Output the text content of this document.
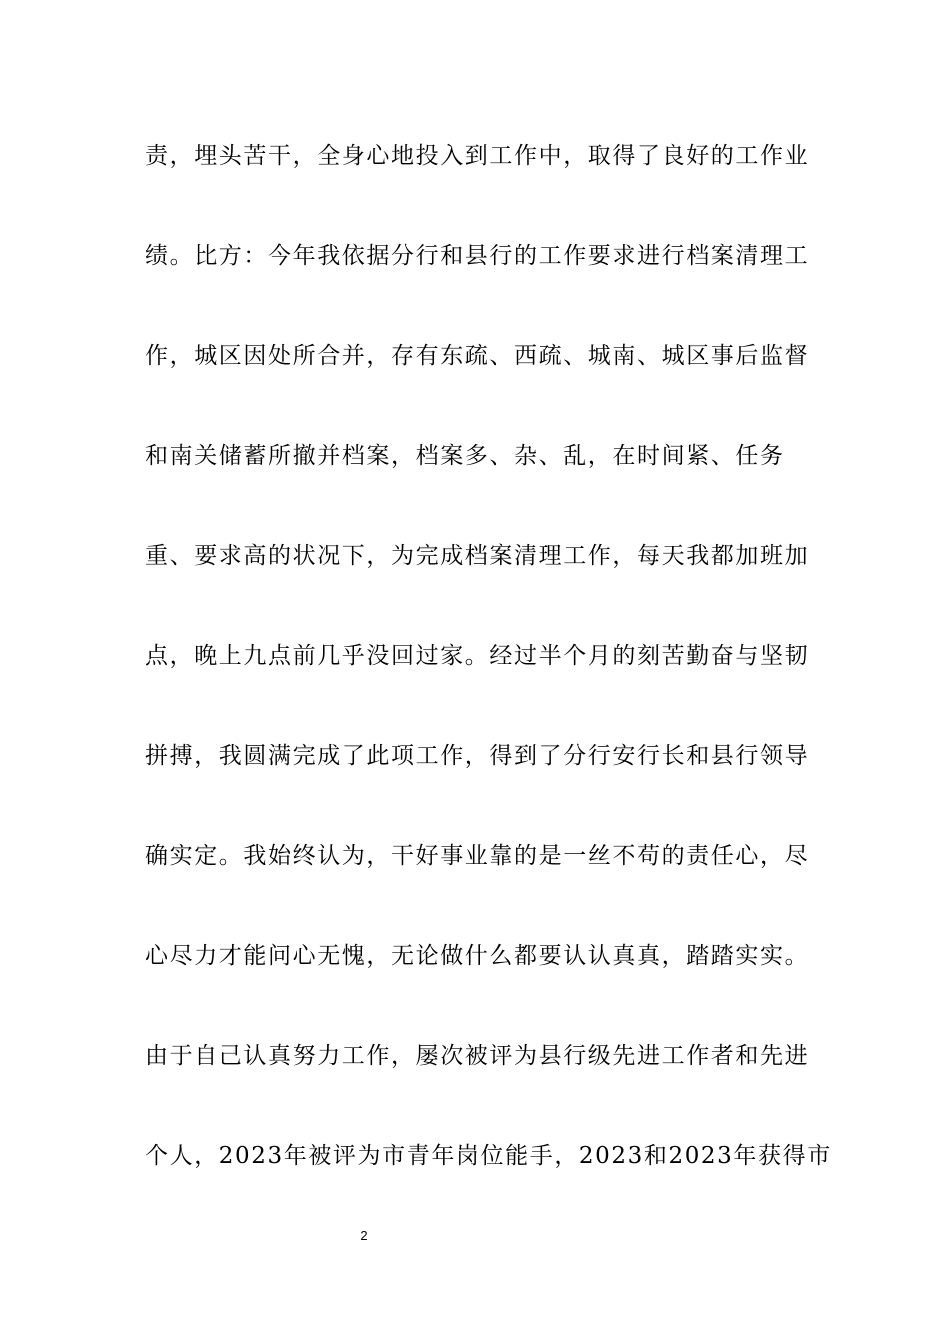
责，埋头苦干，全身心地投入到工作中，取得了良好的工作业
绩。比方：今年我依据分行和县行的工作要求进行档案清理工
作，城区因处所合并，存有东疏、西疏、城南、城区事后监督
和南关储蓄所撤并档案，档案多、杂、乱，在时间紧、任务
重、要求高的状况下，为完成档案清理工作，每天我都加班加
点，晚上九点前几乎没回过家。经过半个月的刻苦勤奋与坚韧
拼搏，我圆满完成了此项工作，得到了分行安行长和县行领导
确实定。我始终认为，干好事业靠的是一丝不苟的责任心，尽
心尽力才能问心无愧，无论做什么都要认认真真，踏踏实实。
由于自己认真努力工作，屡次被评为县行级先进工作者和先进
个人，2023年被评为市青年岗位能手，2023和2023年获得市
2
